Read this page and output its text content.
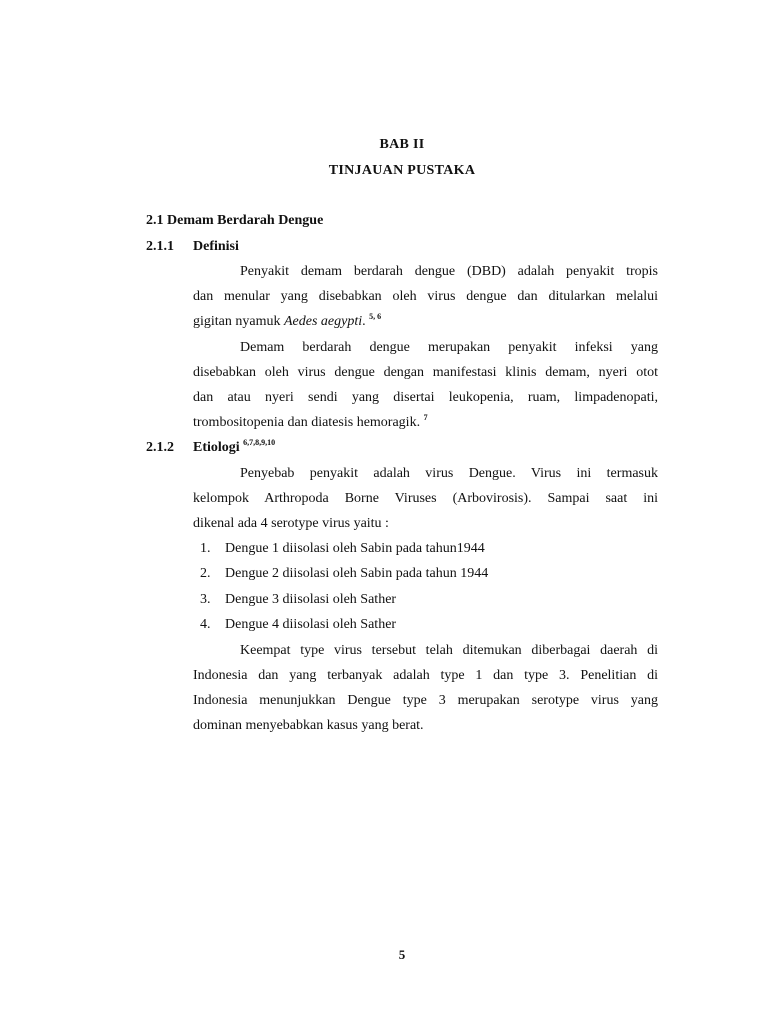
BAB II
TINJAUAN PUSTAKA
2.1 Demam Berdarah Dengue
2.1.1 Definisi
Penyakit demam berdarah dengue (DBD) adalah penyakit tropis
dan menular yang disebabkan oleh virus dengue dan ditularkan melalui
gigitan nyamuk Aedes aegypti. $^{5, 6}$
Demam berdarah dengue merupakan penyakit infeksi yang
disebabkan oleh virus dengue dengan manifestasi klinis demam, nyeri otot
dan atau nyeri sendi yang disertai leukopenia, ruam, limpadenopati,
trombositopenia dan diatesis hemoragik. $^7$
2.1.2 Etiologi $^{6,7,8,9,10}$
Penyebab penyakit adalah virus Dengue. Virus ini termasuk
kelompok Arthropoda Borne Viruses (Arbovirosis). Sampai saat ini
dikenal ada 4 serotype virus yaitu :
1. Dengue 1 diisolasi oleh Sabin pada tahun1944
2. Dengue 2 diisolasi oleh Sabin pada tahun 1944
3. Dengue 3 diisolasi oleh Sather
4. Dengue 4 diisolasi oleh Sather
Keempat type virus tersebut telah ditemukan diberbagai daerah di
Indonesia dan yang terbanyak adalah type 1 dan type 3. Penelitian di
Indonesia menunjukkan Dengue type 3 merupakan serotype virus yang
dominan menyebabkan kasus yang berat.
5
